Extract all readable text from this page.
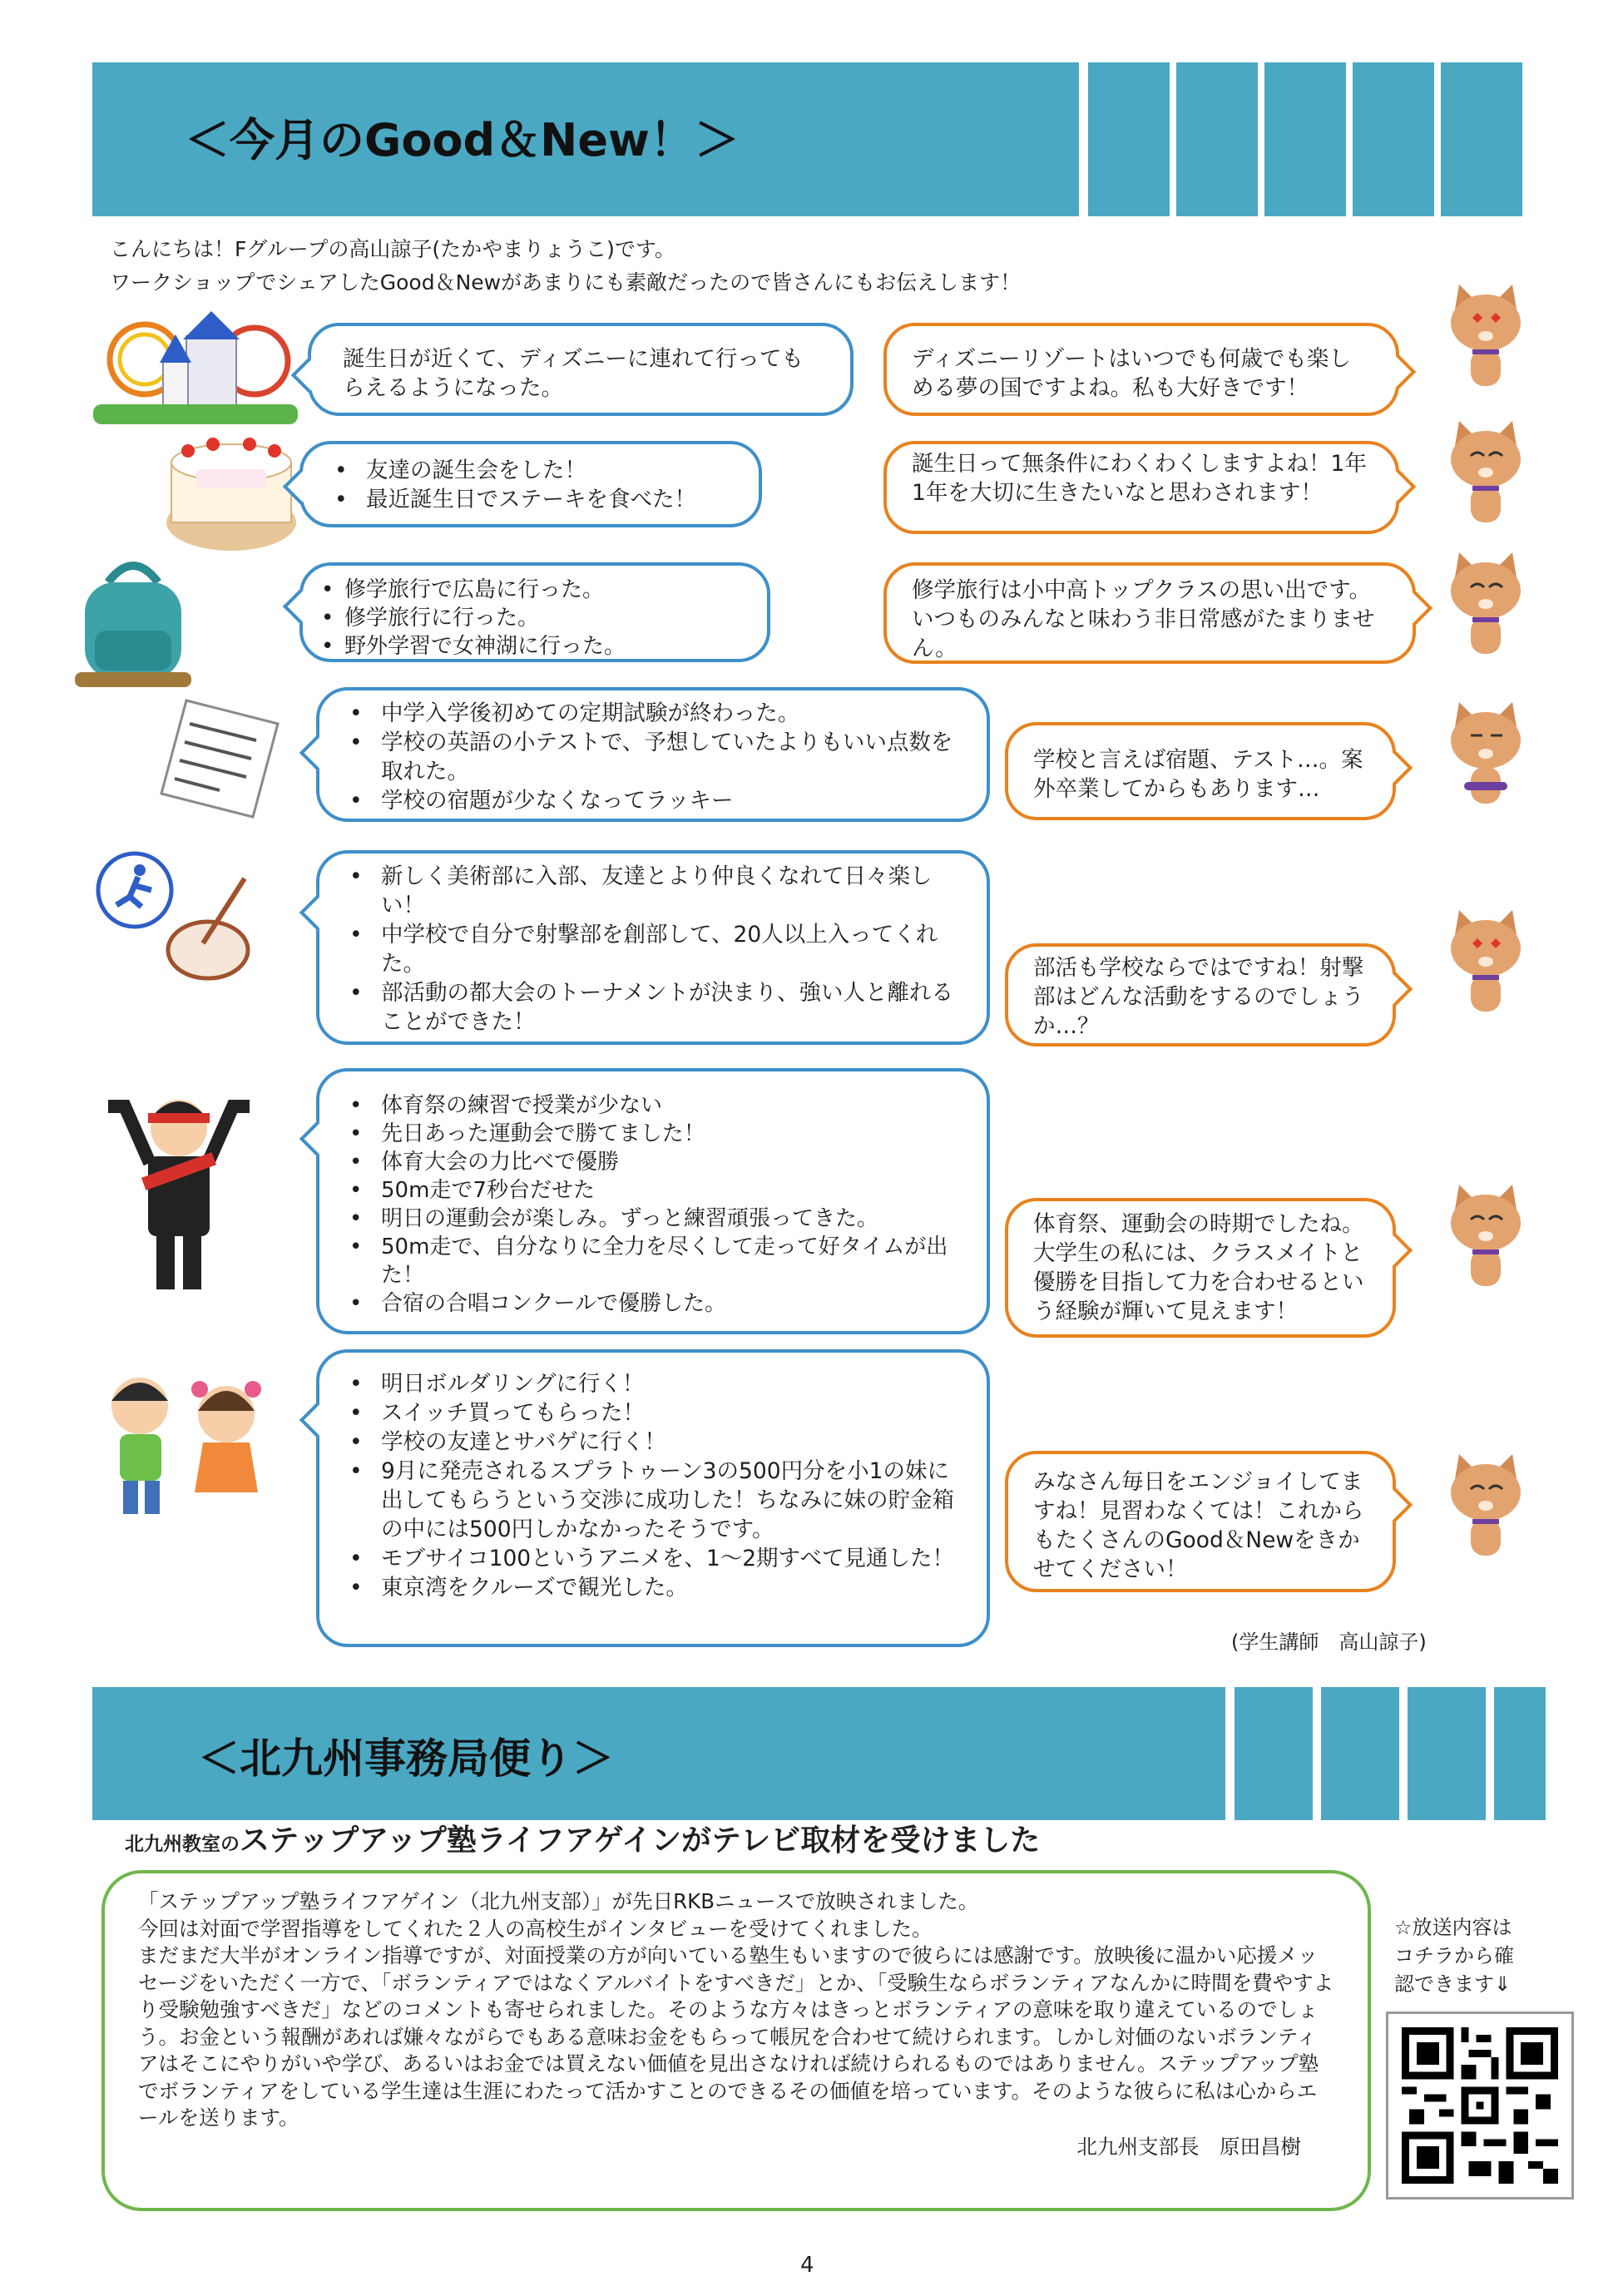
＜今月のGood＆New！＞
こんにちは！Fグループの高山諒子(たかやまりょうこ)です。
ワークショップでシェアしたGood＆Newがあまりにも素敵だったので皆さんにもお伝えします！
誕生日が近くて、ディズニーに連れて行ってもらえるようになった。
ディズニーリゾートはいつでも何歳でも楽しめる夢の国ですよね。私も大好きです！
• 友達の誕生会をした！
• 最近誕生日でステーキを食べた！
誕生日って無条件にわくわくしますよね！1年1年を大切に生きたいなと思わされます！
• 修学旅行で広島に行った。
• 修学旅行に行った。
• 野外学習で女神湖に行った。
修学旅行は小中高トップクラスの思い出です。いつものみんなと味わう非日常感がたまりません。
• 中学入学後初めての定期試験が終わった。
• 学校の英語の小テストで、予想していたよりもいい点数を取れた。
• 学校の宿題が少なくなってラッキー
学校と言えば宿題、テスト…。案外卒業してからもあります…
• 新しく美術部に入部、友達とより仲良くなれて日々楽しい！
• 中学校で自分で射撃部を創部して、20人以上入ってくれた。
• 部活動の都大会のトーナメントが決まり、強い人と離れることができた！
部活も学校ならではですね！射撃部はどんな活動をするのでしょうか…？
• 体育祭の練習で授業が少ない
• 先日あった運動会で勝てました！
• 体育大会の力比べで優勝
• 50m走で7秒台だせた
• 明日の運動会が楽しみ。ずっと練習頑張ってきた。
• 50m走で、自分なりに全力を尽くして走って好タイムが出た！
• 合宿の合唱コンクールで優勝した。
体育祭、運動会の時期でしたね。大学生の私には、クラスメイトと優勝を目指して力を合わせるという経験が輝いて見えます！
• 明日ボルダリングに行く！
• スイッチ買ってもらった！
• 学校の友達とサバゲに行く！
• 9月に発売されるスプラトゥーン3の500円分を小1の妹に出してもらうという交渉に成功した！ちなみに妹の貯金箱の中には500円しかなかったそうです。
• モブサイコ100というアニメを、1～2期すべて見通した！
• 東京湾をクルーズで観光した。
みなさん毎日をエンジョイしてますね！見習わなくては！これからもたくさんのGood＆Newをきかせてください！
(学生講師　高山諒子)
＜北九州事務局便り＞
北九州教室のステップアップ塾ライフアゲインがテレビ取材を受けました
「ステップアップ塾ライフアゲイン（北九州支部）」が先日RKBニュースで放映されました。
今回は対面で学習指導をしてくれた２人の高校生がインタビューを受けてくれました。
まだまだ大半がオンライン指導ですが、対面授業の方が向いている塾生もいますので彼らには感謝です。放映後に温かい応援メッセージをいただく一方で、「ボランティアではなくアルバイトをすべきだ」とか、「受験生ならボランティアなんかに時間を費やすより受験勉強すべきだ」などのコメントも寄せられました。そのような方々はきっとボランティアの意味を取り違えているのでしょう。お金という報酬があれば嫌々ながらでもある意味お金をもらって帳尻を合わせて続けられます。しかし対価のないボランティアはそこにやりがいや学び、あるいはお金では買えない価値を見出さなければ続けられるものではありません。ステップアップ塾でボランティアをしている学生達は生涯にわたって活かすことのできるその価値を培っています。そのような彼らに私は心からエールを送ります。
北九州支部長　原田昌樹
☆放送内容はコチラから確認できます⇓
4
